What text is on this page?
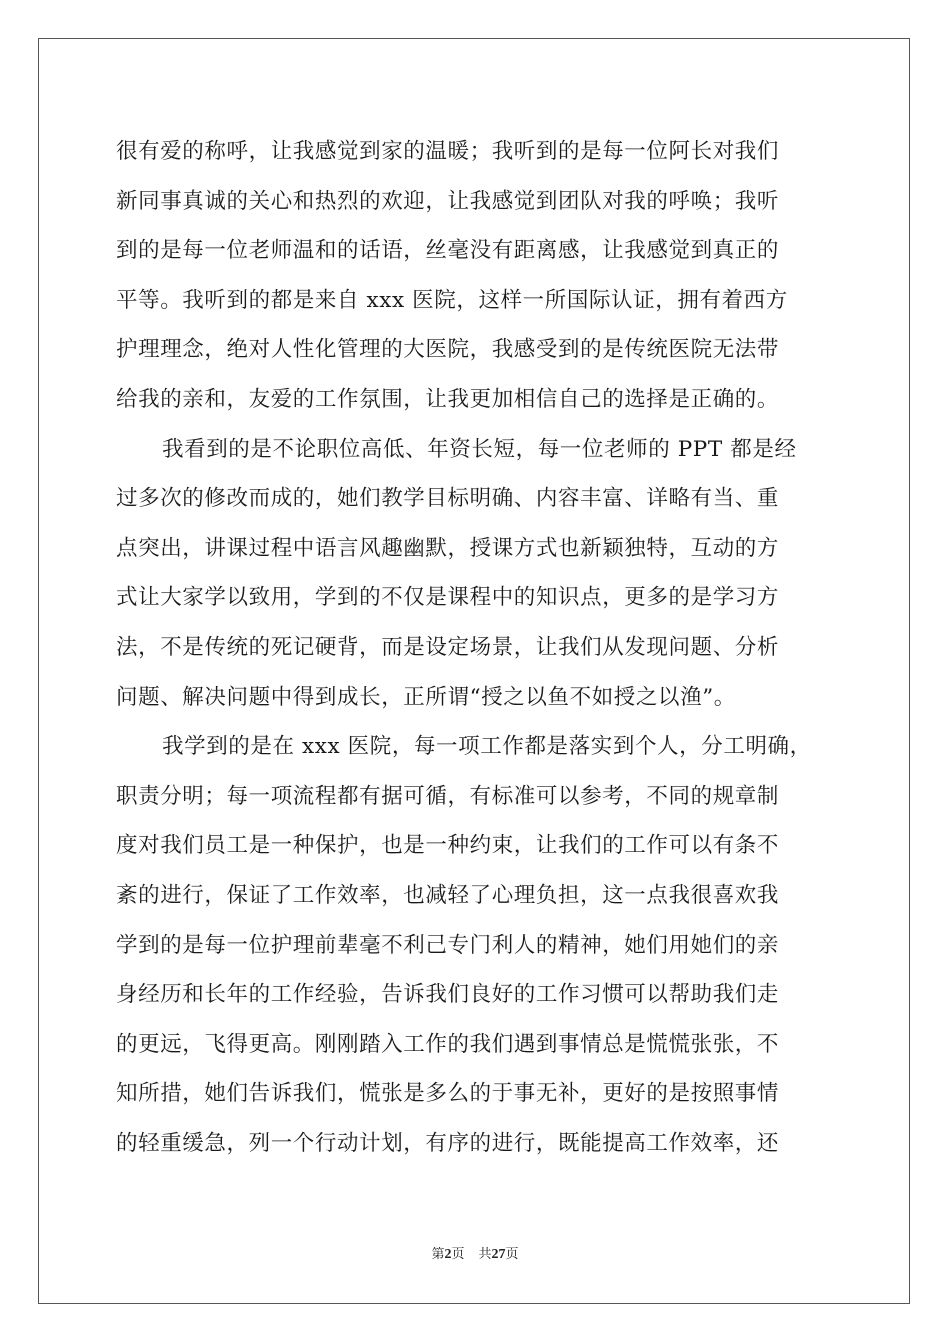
很有爱的称呼，让我感觉到家的温暖；我听到的是每一位阿长对我们
新同事真诚的关心和热烈的欢迎，让我感觉到团队对我的呼唤；我听
到的是每一位老师温和的话语，丝毫没有距离感，让我感觉到真正的
平等。我听到的都是来自 xxx 医院，这样一所国际认证，拥有着西方
护理理念，绝对人性化管理的大医院，我感受到的是传统医院无法带
给我的亲和，友爱的工作氛围，让我更加相信自己的选择是正确的。
我看到的是不论职位高低、年资长短，每一位老师的 PPT 都是经
过多次的修改而成的，她们教学目标明确、内容丰富、详略有当、重
点突出，讲课过程中语言风趣幽默，授课方式也新颖独特，互动的方
式让大家学以致用，学到的不仅是课程中的知识点，更多的是学习方
法，不是传统的死记硬背，而是设定场景，让我们从发现问题、分析
问题、解决问题中得到成长，正所谓“授之以鱼不如授之以渔”。
我学到的是在 xxx 医院，每一项工作都是落实到个人，分工明确，
职责分明；每一项流程都有据可循，有标准可以参考，不同的规章制
度对我们员工是一种保护，也是一种约束，让我们的工作可以有条不
紊的进行，保证了工作效率，也减轻了心理负担，这一点我很喜欢我
学到的是每一位护理前辈毫不利己专门利人的精神，她们用她们的亲
身经历和长年的工作经验，告诉我们良好的工作习惯可以帮助我们走
的更远，飞得更高。刚刚踏入工作的我们遇到事情总是慌慌张张，不
知所措，她们告诉我们，慌张是多么的于事无补，更好的是按照事情
的轻重缓急，列一个行动计划，有序的进行，既能提高工作效率，还
第2页 共27页
